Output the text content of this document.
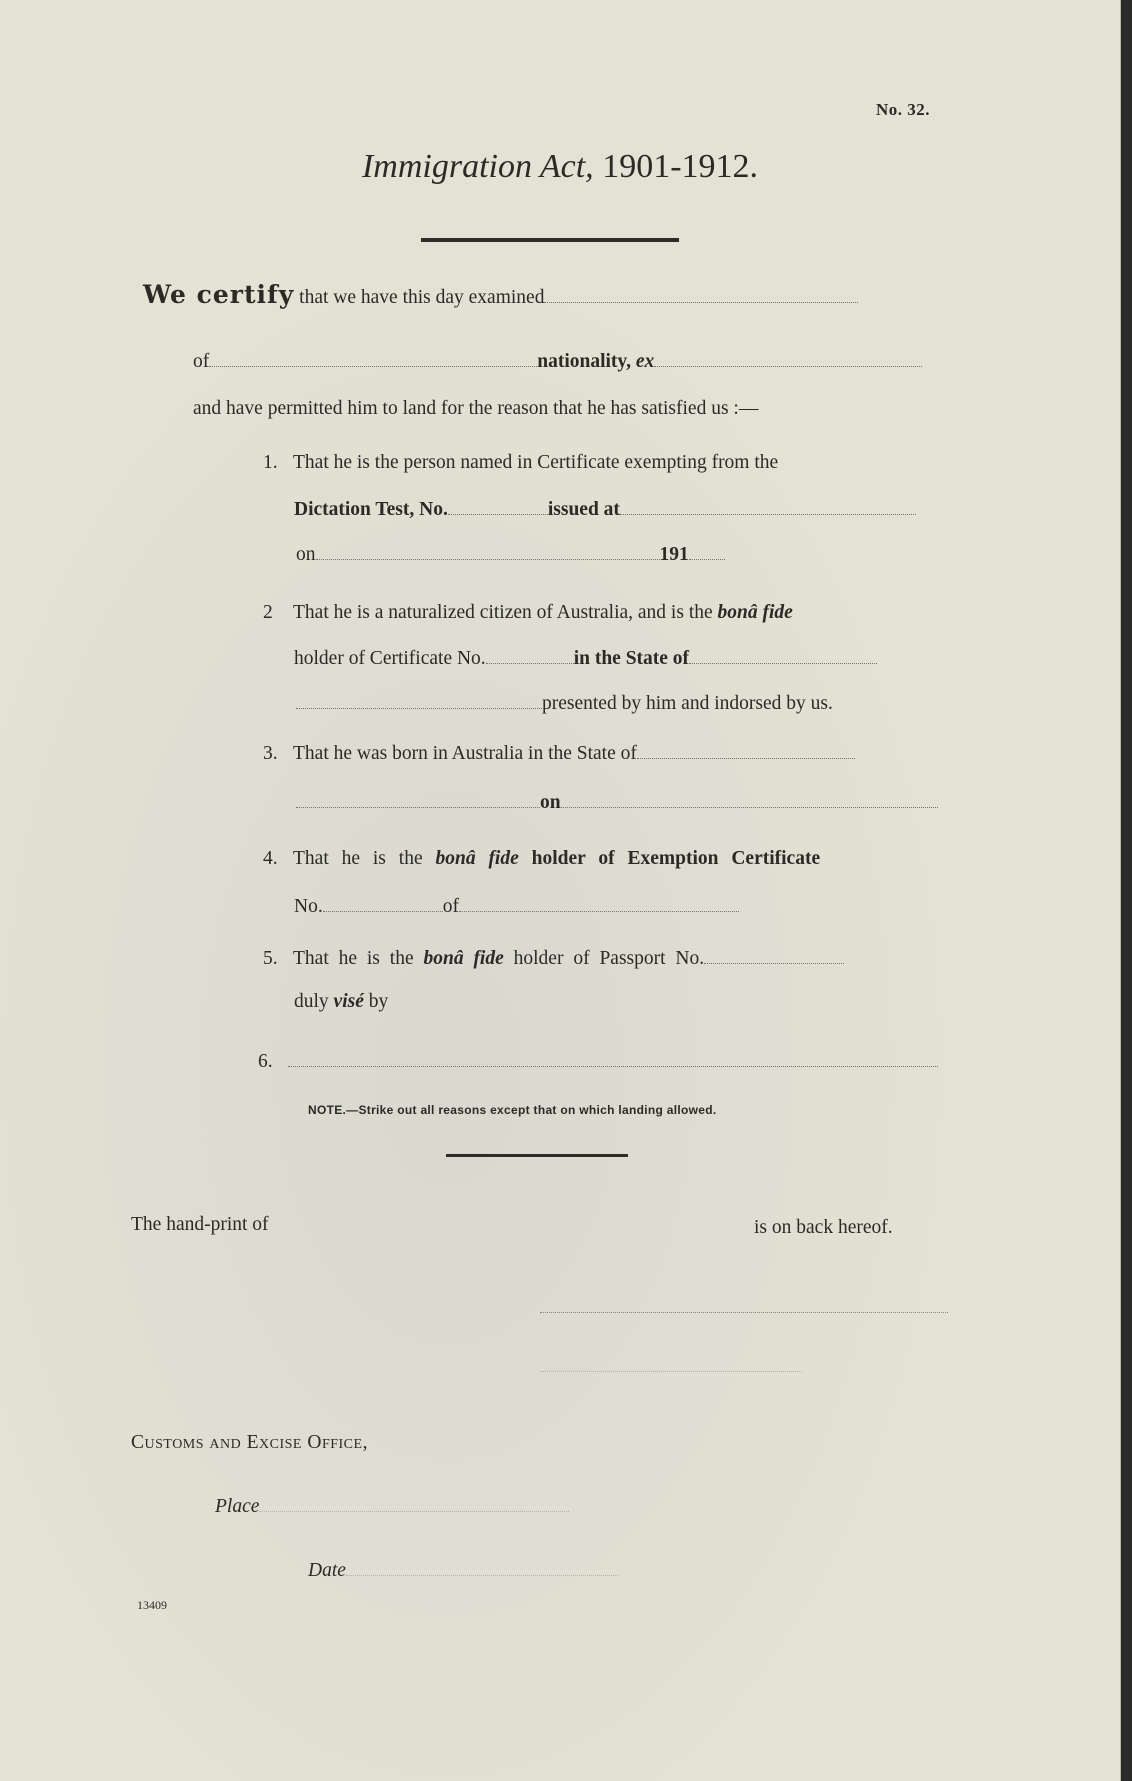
No. 32.
Immigration Act, 1901-1912.
We certify that we have this day examined
of	nationality, ex
and have permitted him to land for the reason that he has satisfied us :—
1. That he is the person named in Certificate exempting from the
Dictation Test, No.	issued at
on	191
2 That he is a naturalized citizen of Australia, and is the bonâ fide
holder of Certificate No.	in the State of
presented by him and indorsed by us.
3. That he was born in Australia in the State of
on
4. That he is the bonâ fide holder of Exemption Certificate
No.	of
5. That he is the bonâ fide holder of Passport No.
duly visé by
6.
NOTE.—Strike out all reasons except that on which landing allowed.
The hand-print of	is on back hereof.
Customs and Excise Office,
Place
Date
13409
